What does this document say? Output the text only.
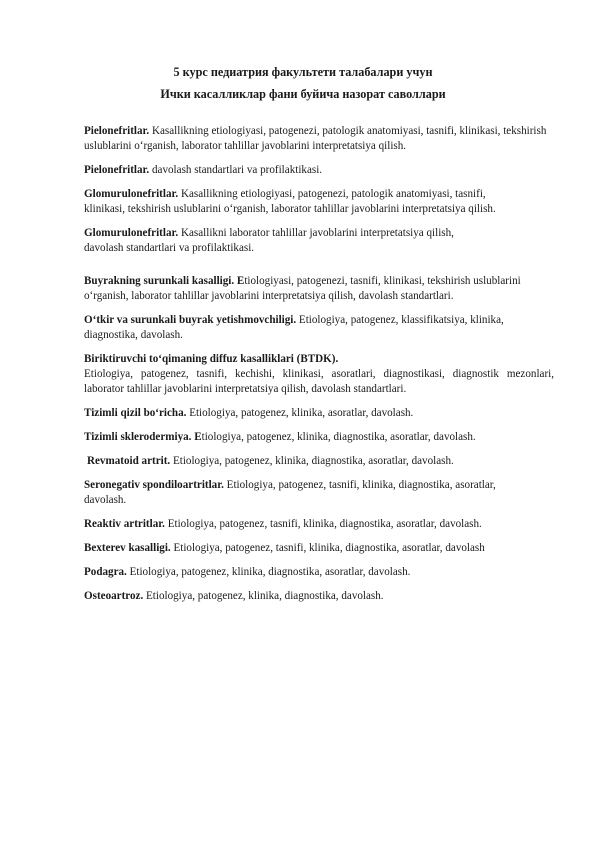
5 курс педиатрия факультети талабалари учун

Ички касалликлар фани буйича назорат саволлари

Pielonefritlar. Kasallikning etiologiyasi, patogenezi, patologik anatomiyasi, tasnifi, klinikasi, tekshirish uslublarini o‘rganish, laborator tahlillar javoblarini interpretatsiya qilish.

Pielonefritlar. davolash standartlari va profilaktikasi.

Glomurulonefritlar. Kasallikning etiologiyasi, patogenezi, patologik anatomiyasi, tasnifi, klinikasi, tekshirish uslublarini o‘rganish, laborator tahlillar javoblarini interpretatsiya qilish.

Glomurulonefritlar. Kasallikni laborator tahlillar javoblarini interpretatsiya qilish, davolash standartlari va profilaktikasi.

Buyrakning surunkali kasalligi. Etiologiyasi, patogenezi, tasnifi, klinikasi, tekshirish uslublarini o‘rganish, laborator tahlillar javoblarini interpretatsiya qilish, davolash standartlari.

O‘tkir va surunkali buyrak yetishmovchiligi. Etiologiya, patogenez, klassifikatsiya, klinika, diagnostika, davolash.

Biriktiruvchi to‘qimaning diffuz kasalliklari (BTDK).
Etiologiya, patogenez, tasnifi, kechishi, klinikasi, asoratlari, diagnostikasi, diagnostik mezonlari, laborator tahlillar javoblarini interpretatsiya qilish, davolash standartlari.

Tizimli qizil bo‘richa. Etiologiya, patogenez, klinika, asoratlar, davolash.

Tizimli sklerodermiya. Etiologiya, patogenez, klinika, diagnostika, asoratlar, davolash.

Revmatoid artrit. Etiologiya, patogenez, klinika, diagnostika, asoratlar, davolash.

Seronegativ spondiloartritlar. Etiologiya, patogenez, tasnifi, klinika, diagnostika, asoratlar, davolash.

Reaktiv artritlar. Etiologiya, patogenez, tasnifi, klinika, diagnostika, asoratlar, davolash.

Bexterev kasalligi. Etiologiya, patogenez, tasnifi, klinika, diagnostika, asoratlar, davolash

Podagra. Etiologiya, patogenez, klinika, diagnostika, asoratlar, davolash.

Osteoartroz. Etiologiya, patogenez, klinika, diagnostika, davolash.
